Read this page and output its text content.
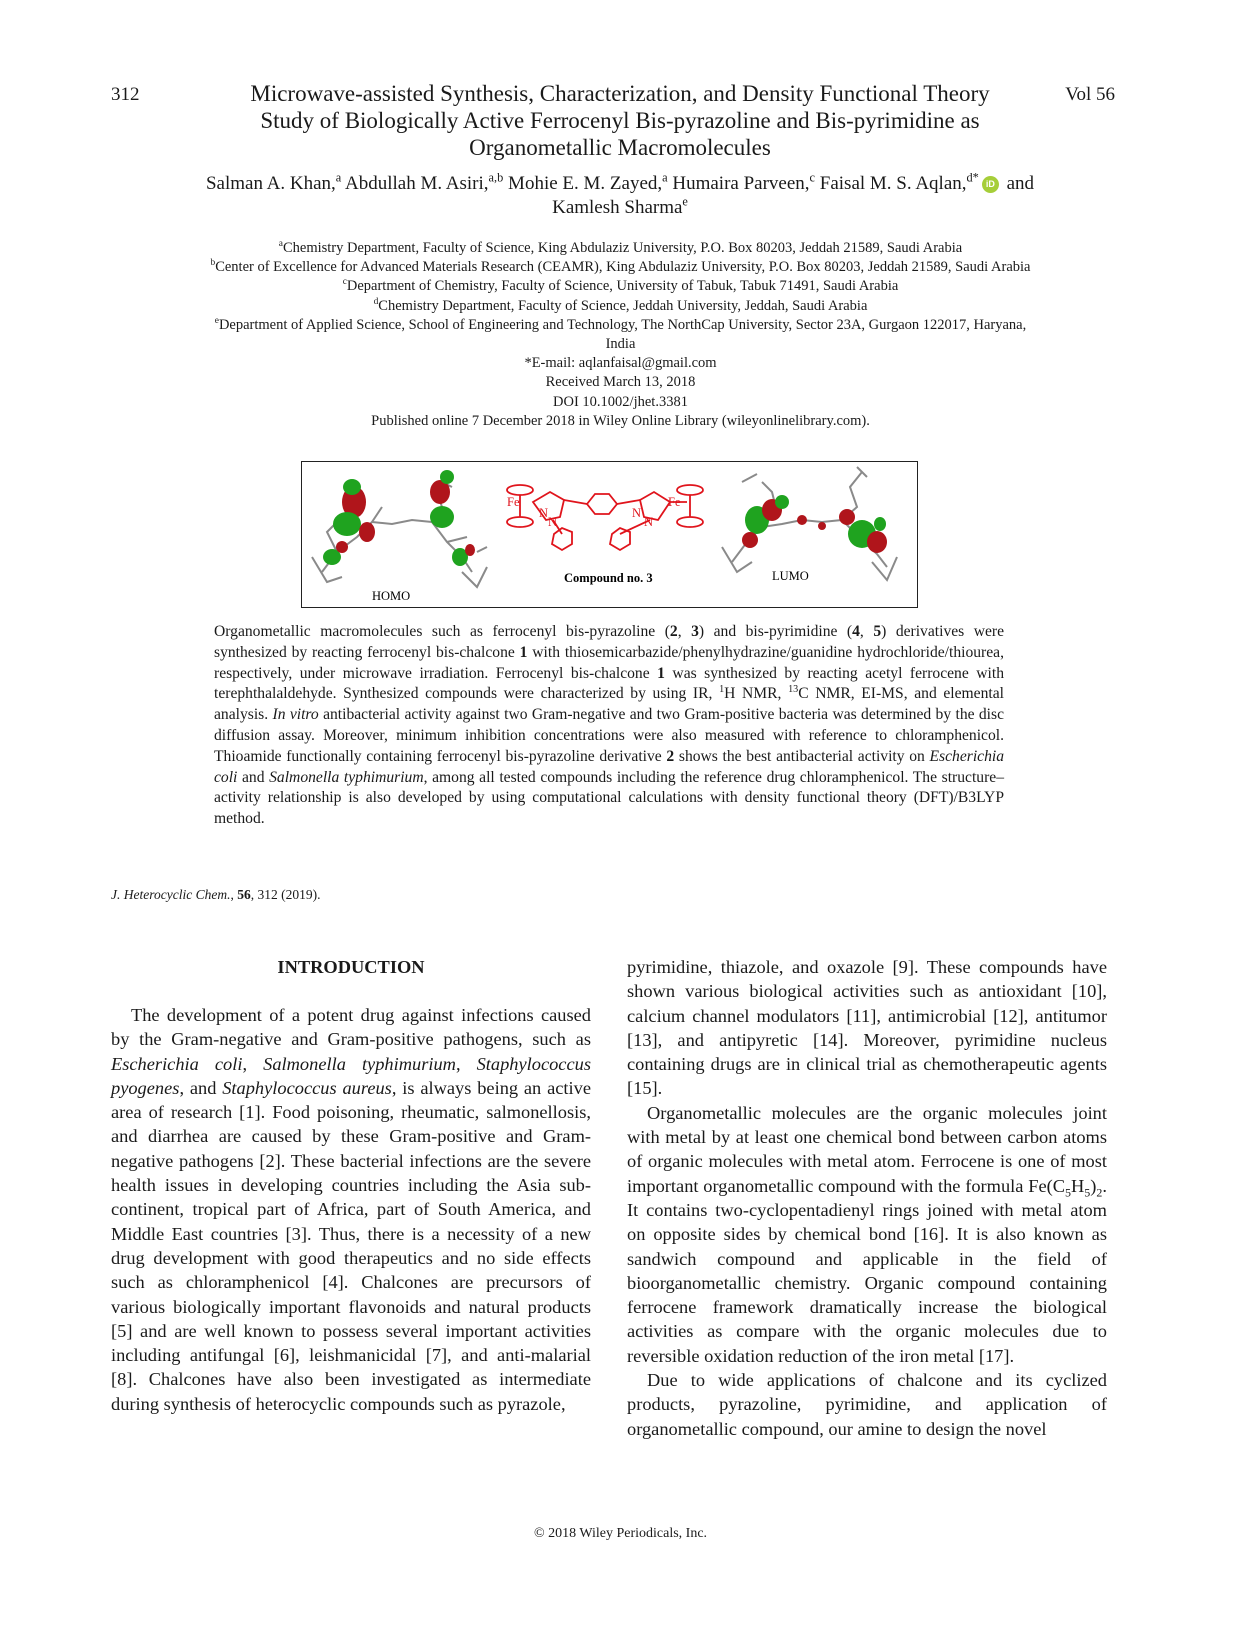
312	Vol 56
Microwave-assisted Synthesis, Characterization, and Density Functional Theory Study of Biologically Active Ferrocenyl Bis-pyrazoline and Bis-pyrimidine as Organometallic Macromolecules
Salman A. Khan,$^a$ Abdullah M. Asiri,$^{a,b}$ Mohie E. M. Zayed,$^a$ Humaira Parveen,$^c$ Faisal M. S. Aqlan,$^{d*}$ iD and
Kamlesh Sharma$^e$
$^a$Chemistry Department, Faculty of Science, King Abdulaziz University, P.O. Box 80203, Jeddah 21589, Saudi Arabia
$^b$Center of Excellence for Advanced Materials Research (CEAMR), King Abdulaziz University, P.O. Box 80203, Jeddah 21589, Saudi Arabia
$^c$Department of Chemistry, Faculty of Science, University of Tabuk, Tabuk 71491, Saudi Arabia
$^d$Chemistry Department, Faculty of Science, Jeddah University, Jeddah, Saudi Arabia
$^e$Department of Applied Science, School of Engineering and Technology, The NorthCap University, Sector 23A, Gurgaon 122017, Haryana, India
*E-mail: aqlanfaisal@gmail.com
Received March 13, 2018
DOI 10.1002/jhet.3381
Published online 7 December 2018 in Wiley Online Library (wileyonlinelibrary.com).
HOMO
Fe	Fe
N
N
N
N
Compound no. 3	LUMO
Organometallic macromolecules such as ferrocenyl bis-pyrazoline (2, 3) and bis-pyrimidine (4, 5) derivatives were synthesized by reacting ferrocenyl bis-chalcone 1 with thiosemicarbazide/phenylhydrazine/guanidine hydrochloride/thiourea, respectively, under microwave irradiation. Ferrocenyl bis-chalcone 1 was synthesized by reacting acetyl ferrocene with terephthalaldehyde. Synthesized compounds were characterized by using IR, $^1$H NMR, $^{13}$C NMR, EI-MS, and elemental analysis. In vitro antibacterial activity against two Gram-negative and two Gram-positive bacteria was determined by the disc diffusion assay. Moreover, minimum inhibition concentrations were also measured with reference to chloramphenicol. Thioamide functionally containing ferrocenyl bis-pyrazoline derivative 2 shows the best antibacterial activity on Escherichia coli and Salmonella typhimurium, among all tested compounds including the reference drug chloramphenicol. The structure–activity relationship is also developed by using computational calculations with density functional theory (DFT)/B3LYP method.
J. Heterocyclic Chem., 56, 312 (2019).
INTRODUCTION

The development of a potent drug against infections caused by the Gram-negative and Gram-positive pathogens, such as Escherichia coli, Salmonella typhimurium, Staphylococcus pyogenes, and Staphylococcus aureus, is always being an active area of research [1]. Food poisoning, rheumatic, salmonellosis, and diarrhea are caused by these Gram-positive and Gram-negative pathogens [2]. These bacterial infections are the severe health issues in developing countries including the Asia sub-continent, tropical part of Africa, part of South America, and Middle East countries [3]. Thus, there is a necessity of a new drug development with good therapeutics and no side effects such as chloramphenicol [4]. Chalcones are precursors of various biologically important flavonoids and natural products [5] and are well known to possess several important activities including antifungal [6], leishmanicidal [7], and anti-malarial [8]. Chalcones have also been investigated as intermediate during synthesis of heterocyclic compounds such as pyrazole,

pyrimidine, thiazole, and oxazole [9]. These compounds have shown various biological activities such as antioxidant [10], calcium channel modulators [11], antimicrobial [12], antitumor [13], and antipyretic [14]. Moreover, pyrimidine nucleus containing drugs are in clinical trial as chemotherapeutic agents [15].

Organometallic molecules are the organic molecules joint with metal by at least one chemical bond between carbon atoms of organic molecules with metal atom. Ferrocene is one of most important organometallic compound with the formula $Fe(C_5H_5)_2$. It contains two-cyclopentadienyl rings joined with metal atom on opposite sides by chemical bond [16]. It is also known as sandwich compound and applicable in the field of bioorganometallic chemistry. Organic compound containing ferrocene framework dramatically increase the biological activities as compare with the organic molecules due to reversible oxidation reduction of the iron metal [17].

Due to wide applications of chalcone and its cyclized products, pyrazoline, pyrimidine, and application of organometallic compound, our amine to design the novel

© 2018 Wiley Periodicals, Inc.
